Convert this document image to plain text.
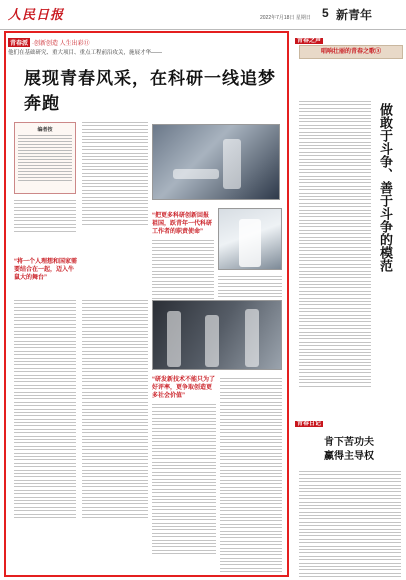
人民日报	2022年7月18日 星期日 5 新青年
青春派 ·创新创造 人生出彩⑪
他们在基础研究、重大项目、重点工程前沿攻关，施展才华——
展现青春风采，在科研一线追梦奔跑
编者按
“将一个人理想和国家需要结合在一起，迈入牛鼠大的舞台”
“把更多科研创新回报祖国，跃青年一代科研工作者的职责使命”
“研发新技术不能只为了好评率，更争取创造更多社会价值”
青春之声
唱响壮丽的青春之歌③
做敢于斗争、善于斗争的模范
青春日记
肯下苦功夫
赢得主导权
